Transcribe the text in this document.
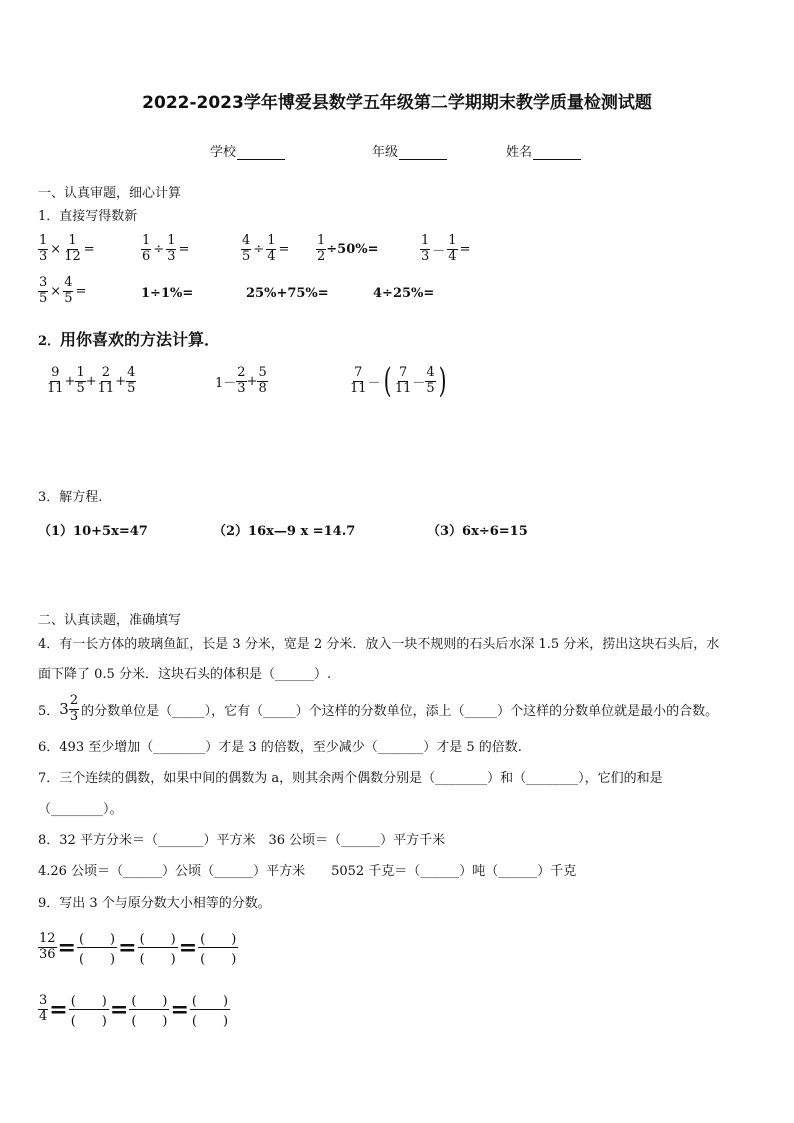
2022-2023学年博爱县数学五年级第二学期期末教学质量检测试题
学校	年级	姓名
一、认真审题，细心计算
1．直接写得数新
$\frac{1}{3} \times \frac{1}{12}$ =	$\frac{1}{6} \div \frac{1}{3}$ =	$\frac{4}{5} \div \frac{1}{4} = \frac{1}{2} \div 50\%=$	$\frac{1}{3} - \frac{1}{4}$ =
$\frac{3}{5} \times \frac{4}{5}$ =	1÷1%=	25%+75%=	4÷25%=
2．用你喜欢的方法计算．
$\frac{9}{11} + \frac{1}{5} + \frac{2}{11} + \frac{4}{5}$	$1- \frac{2}{3} + \frac{5}{8}$	$\frac{7}{11}$ － ( $\frac{7}{11} - \frac{4}{5}$ )
3．解方程.
（1）10+5x=47	（2）16x—9 x =14.7	（3）6x÷6=15
二、认真读题，准确填写
4．有一长方体的玻璃鱼缸，长是 3 分米，宽是 2 分米．放入一块不规则的石头后水深 1.5 分米，捞出这块石头后，水
面下降了 0.5 分米．这块石头的体积是（______）.
5． $3 \frac{2}{3}$ 的分数单位是（_____），它有（_____）个这样的分数单位，添上（_____）个这样的分数单位就是最小的合数。
6．493 至少增加（________）才是 3 的倍数，至少减少（_______）才是 5 的倍数.
7．三个连续的偶数，如果中间的偶数为 a，则其余两个偶数分别是（________）和（________），它们的和是
（________）。
8．32 平方分米＝（_______）平方米　36 公顷＝（______）平方千米
4.26 公顷＝（______）公顷（______）平方米　　5052 千克＝（______）吨（______）千克
9．写出 3 个与原分数大小相等的分数。
$\frac{12}{36}$ = (　　)
(　　) = (　　)
(　　) = (　　)
(　　)
$\frac{3}{4}$ = (　　)
(　　) = (　　)
(　　) = (　　)
(　　)
